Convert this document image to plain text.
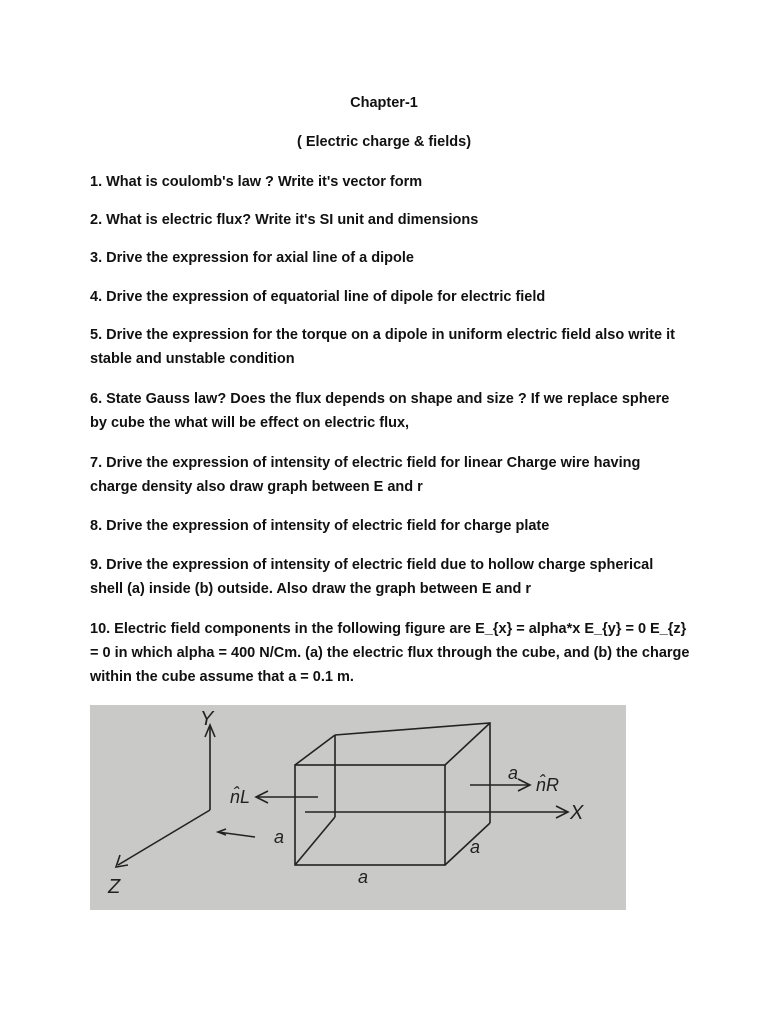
Chapter-1
( Electric charge & fields)
1. What is coulomb's law ? Write it's vector form
2. What is electric flux? Write it's SI unit and dimensions
3. Drive the expression for axial line of a dipole
4. Drive the expression of equatorial line of dipole for electric field
5. Drive the expression for the torque on a dipole in uniform electric field also write it stable and unstable condition
6. State Gauss law? Does the flux depends on shape and size ? If we replace sphere by cube the what will be effect on electric flux,
7. Drive the expression of intensity of electric field for linear Charge wire having charge density also draw graph between E and r
8. Drive the expression of intensity of electric field for charge plate
9. Drive the expression of intensity of electric field due to hollow charge spherical shell (a) inside (b) outside. Also draw the graph between E and r
10. Electric field components in the following figure are E_{x} = alpha*x E_{y} = 0 E_{z} = 0 in which alpha = 400 N/Cm. (a) the electric flux through the cube, and (b) the charge within the cube assume that a = 0.1 m.
Y
X
Z
n̂L
n̂R
a
a	a
a
